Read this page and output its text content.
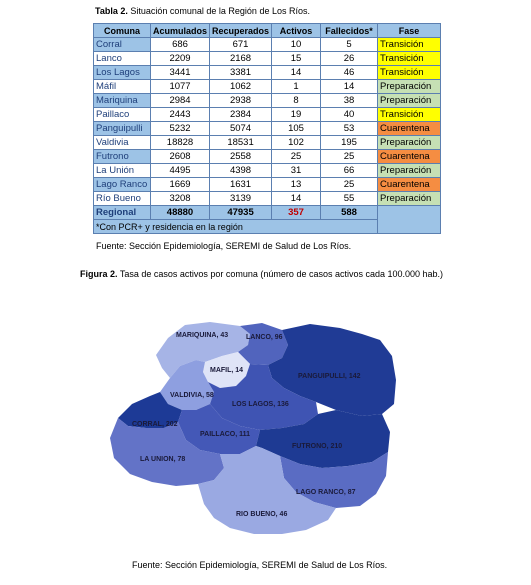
Tabla 2. Situación comunal de la Región de Los Ríos.
Comuna	Acumulados	Recuperados	Activos	Fallecidos*	Fase
Corral	686	671	10	5	Transición
Lanco	2209	2168	15	26	Transición
Los Lagos	3441	3381	14	46	Transición
Máfil	1077	1062	1	14	Preparación
Mariquina	2984	2938	8	38	Preparación
Paillaco	2443	2384	19	40	Transición
Panguipulli	5232	5074	105	53	Cuarentena
Valdivia	18828	18531	102	195	Preparación
Futrono	2608	2558	25	25	Cuarentena
La Unión	4495	4398	31	66	Preparación
Lago Ranco	1669	1631	13	25	Cuarentena
Río Bueno	3208	3139	14	55	Preparación
Regional	48880	47935	357	588	
*Con PCR+ y residencia en la región					
Fuente: Sección Epidemiología, SEREMI de Salud de Los Ríos.
Figura 2. Tasa de casos activos por comuna (número de casos activos cada 100.000 hab.)
MARIQUINA, 43	LANCO, 96
MAFIL, 14
PANGUIPULLI, 142
VALDIVIA, 58
LOS LAGOS, 136
CORRAL, 202
PAILLACO, 111
FUTRONO, 210
LA UNION, 78
LAGO RANCO, 87
RIO BUENO, 46
Fuente: Sección Epidemiología, SEREMI de Salud de Los Ríos.
